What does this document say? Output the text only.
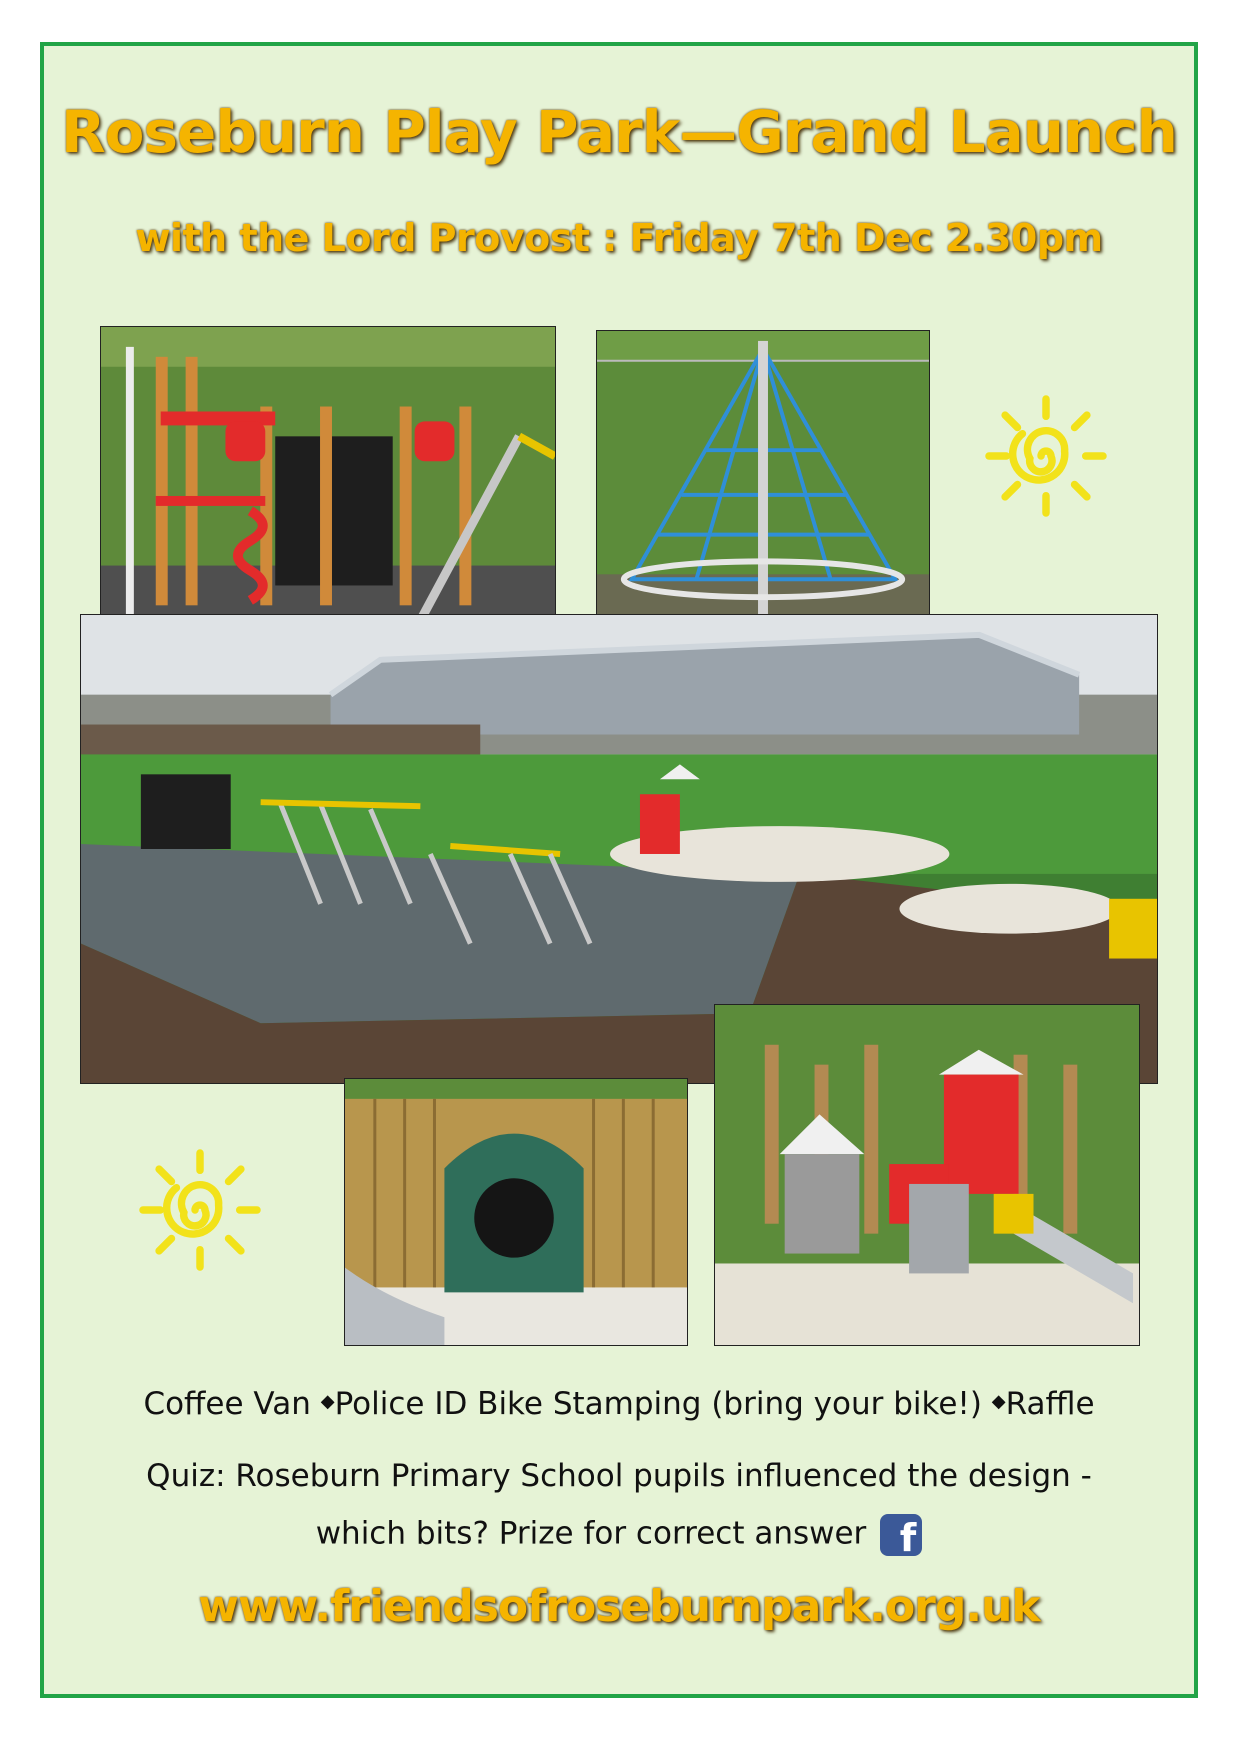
Roseburn Play Park—Grand Launch
with the Lord Provost : Friday 7th Dec 2.30pm

Coffee Van ◆Police ID Bike Stamping (bring your bike!) ◆Raffle

Quiz: Roseburn Primary School pupils influenced the design -

which bits? Prize for correct answer f

www.friendsofroseburnpark.org.uk
